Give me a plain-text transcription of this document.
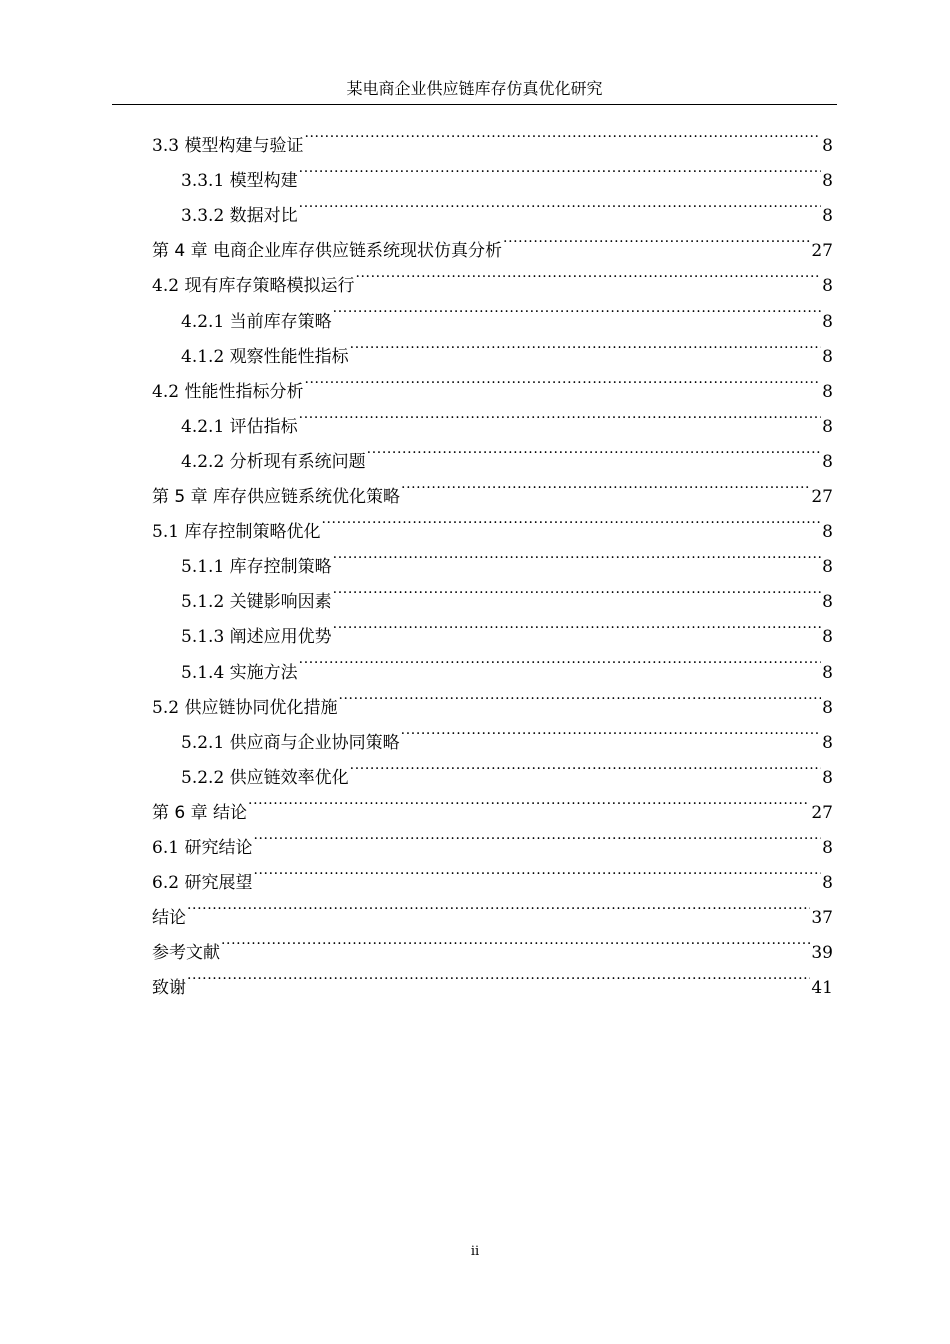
某电商企业供应链库存仿真优化研究
3.3 模型构建与验证 .....	8
3.3.1 模型构建 .....	8
3.3.2 数据对比 .....	8
第 4 章 电商企业库存供应链系统现状仿真分析 .....	27
4.2 现有库存策略模拟运行 .....	8
4.2.1 当前库存策略 .....	8
4.1.2 观察性能性指标 .....	8
4.2 性能性指标分析 .....	8
4.2.1 评估指标 .....	8
4.2.2 分析现有系统问题 .....	8
第 5 章 库存供应链系统优化策略 .....	27
5.1 库存控制策略优化 .....	8
5.1.1 库存控制策略 .....	8
5.1.2 关键影响因素 .....	8
5.1.3 阐述应用优势 .....	8
5.1.4 实施方法 .....	8
5.2 供应链协同优化措施 .....	8
5.2.1 供应商与企业协同策略 .....	8
5.2.2 供应链效率优化 .....	8
第 6 章 结论 .....	27
6.1 研究结论 .....	8
6.2 研究展望 .....	8
结论 .....	37
参考文献 .....	39
致谢 .....	41
ii
